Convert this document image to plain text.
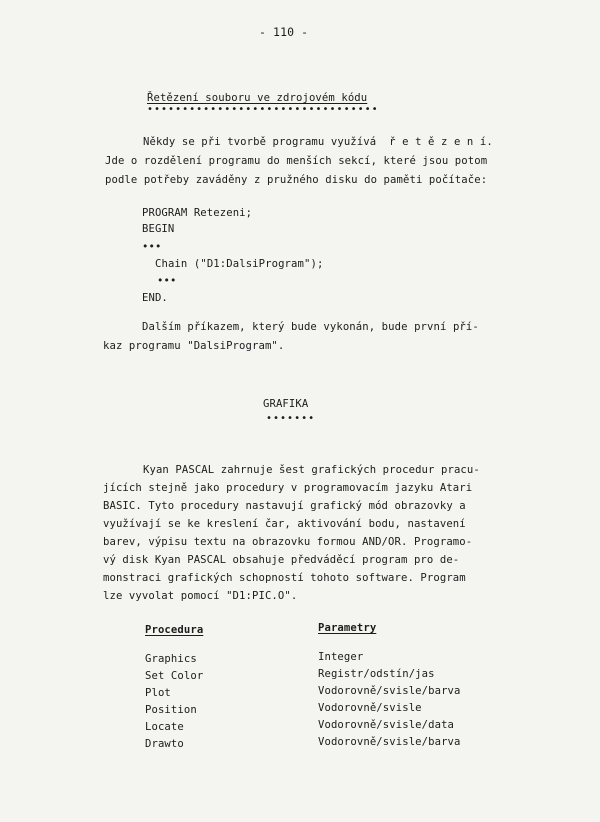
- 110 -
Řetězení souboru ve zdrojovém kódu
•••••••••••••••••••••••••••••••••
Někdy se při tvorbě programu využívá  ř e t ě z e n í.
Jde o rozdělení programu do menších sekcí, které jsou potom
podle potřeby zaváděny z pružného disku do paměti počítače:
PROGRAM Retezeni;
BEGIN
•••
Chain ("D1:DalsiProgram");
•••
END.
Dalším příkazem, který bude vykonán, bude první pří-
kaz programu "DalsiProgram".
GRAFIKA
•••••••
Kyan PASCAL zahrnuje šest grafických procedur pracu-
jících stejně jako procedury v programovacím jazyku Atari
BASIC. Tyto procedury nastavují grafický mód obrazovky a
využívají se ke kreslení čar, aktivování bodu, nastavení
barev, výpisu textu na obrazovku formou AND/OR. Programo-
vý disk Kyan PASCAL obsahuje předváděcí program pro de-
monstraci grafických schopností tohoto software. Program
lze vyvolat pomocí "D1:PIC.O".
Procedura	Parametry
Graphics	Integer
Set Color	Registr/odstín/jas
Plot	Vodorovně/svisle/barva
Position	Vodorovně/svisle
Locate	Vodorovně/svisle/data
Drawto	Vodorovně/svisle/barva
